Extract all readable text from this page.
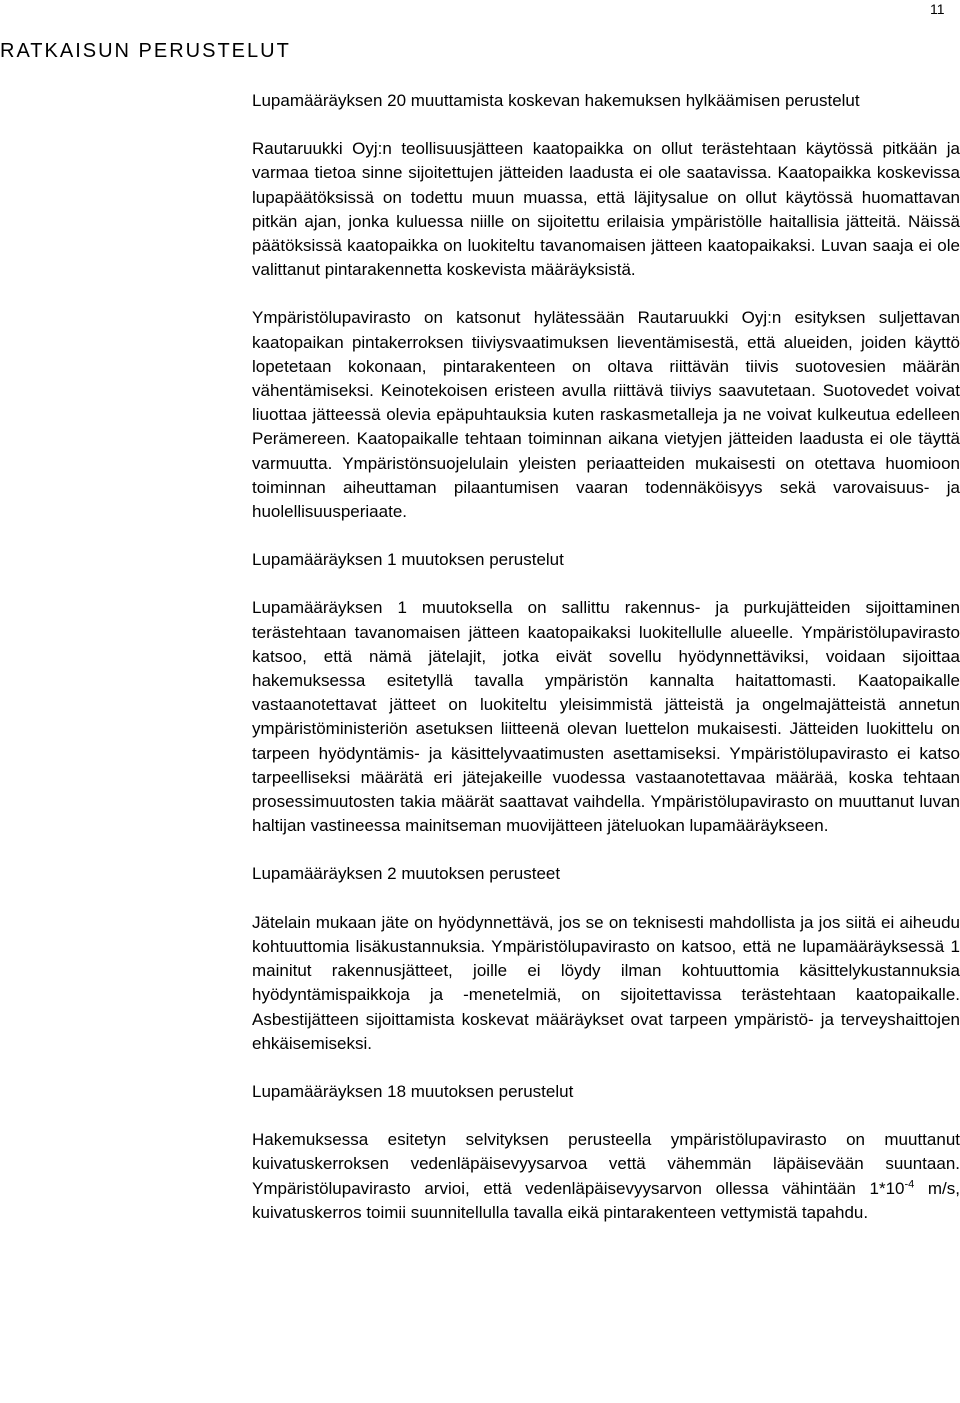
11
RATKAISUN PERUSTELUT

Lupamääräyksen 20 muuttamista koskevan hakemuksen hylkäämisen perustelut

Rautaruukki Oyj:n teollisuusjätteen kaatopaikka on ollut terästehtaan käytössä pitkään ja varmaa tietoa sinne sijoitettujen jätteiden laadusta ei ole saatavissa. Kaatopaikka koskevissa lupapäätöksissä on todettu muun muassa, että läjitysalue on ollut käytössä huomattavan pitkän ajan, jonka kuluessa niille on sijoitettu erilaisia ympäristölle haitallisia jätteitä. Näissä päätöksissä kaatopaikka on luokiteltu tavanomaisen jätteen kaatopaikaksi. Luvan saaja ei ole valittanut pintarakennetta koskevista määräyksistä.

Ympäristölupavirasto on katsonut hylätessään Rautaruukki Oyj:n esityksen suljettavan kaatopaikan pintakerroksen tiiviysvaatimuksen lieventämisestä, että alueiden, joiden käyttö lopetetaan kokonaan, pintarakenteen on oltava riittävän tiivis suotovesien määrän vähentämiseksi. Keinotekoisen eristeen avulla riittävä tiiviys saavutetaan. Suotovedet voivat liuottaa jätteessä olevia epäpuhtauksia kuten raskasmetalleja ja ne voivat kulkeutua edelleen Perämereen. Kaatopaikalle tehtaan toiminnan aikana vietyjen jätteiden laadusta ei ole täyttä varmuutta. Ympäristönsuojelulain yleisten periaatteiden mukaisesti on otettava huomioon toiminnan aiheuttaman pilaantumisen vaaran todennäköisyys sekä varovaisuus- ja huolellisuusperiaate.

Lupamääräyksen 1 muutoksen perustelut

Lupamääräyksen 1 muutoksella on sallittu rakennus- ja purkujätteiden sijoittaminen terästehtaan tavanomaisen jätteen kaatopaikaksi luokitellulle alueelle. Ympäristölupavirasto katsoo, että nämä jätelajit, jotka eivät sovellu hyödynnettäviksi, voidaan sijoittaa hakemuksessa esitetyllä tavalla ympäristön kannalta haitattomasti. Kaatopaikalle vastaanotettavat jätteet on luokiteltu yleisimmistä jätteistä ja ongelmajätteistä annetun ympäristöministeriön asetuksen liitteenä olevan luettelon mukaisesti. Jätteiden luokittelu on tarpeen hyödyntämis- ja käsittelyvaatimusten asettamiseksi. Ympäristölupavirasto ei katso tarpeelliseksi määrätä eri jätejakeille vuodessa vastaanotettavaa määrää, koska tehtaan prosessimuutosten takia määrät saattavat vaihdella. Ympäristölupavirasto on muuttanut luvan haltijan vastineessa mainitseman muovijätteen jäteluokan lupamääräykseen.

Lupamääräyksen 2 muutoksen perusteet

Jätelain mukaan jäte on hyödynnettävä, jos se on teknisesti mahdollista ja jos siitä ei aiheudu kohtuuttomia lisäkustannuksia. Ympäristölupavirasto on katsoo, että ne lupamääräyksessä 1 mainitut rakennusjätteet, joille ei löydy ilman kohtuuttomia käsittelykustannuksia hyödyntämispaikkoja ja -menetelmiä, on sijoitettavissa terästehtaan kaatopaikalle. Asbestijätteen sijoittamista koskevat määräykset ovat tarpeen ympäristö- ja terveyshaittojen ehkäisemiseksi.

Lupamääräyksen 18 muutoksen perustelut

Hakemuksessa esitetyn selvityksen perusteella ympäristölupavirasto on muuttanut kuivatuskerroksen vedenläpäisevyysarvoa vettä vähemmän läpäisevään suuntaan. Ympäristölupavirasto arvioi, että vedenläpäisevyysarvon ollessa vähintään $1*10^{-4}$ m/s, kuivatuskerros toimii suunnitellulla tavalla eikä pintarakenteen vettymistä tapahdu.
